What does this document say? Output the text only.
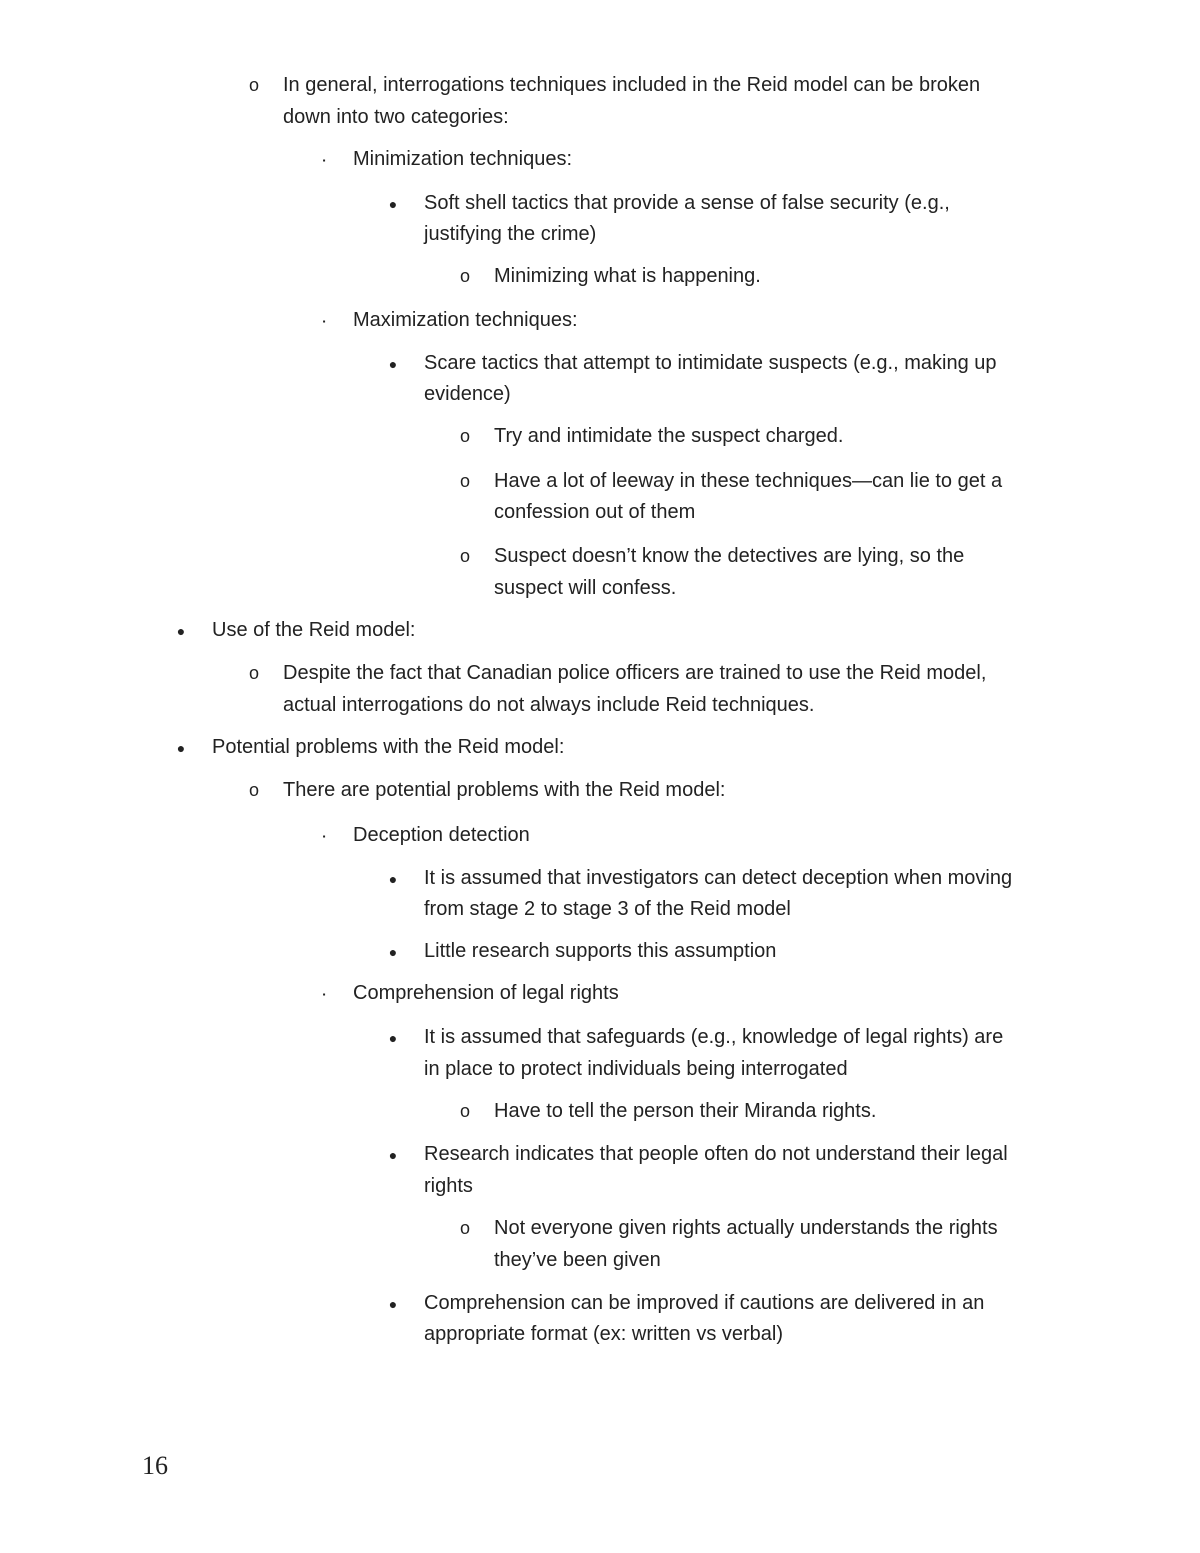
o In general, interrogations techniques included in the Reid model can be broken
down into two categories:
▪	Minimization techniques:
● Soft shell tactics that provide a sense of false security (e.g.,
justifying the crime)
o Minimizing what is happening.
▪	Maximization techniques:
● Scare tactics that attempt to intimidate suspects (e.g., making up
evidence)
o Try and intimidate the suspect charged.
o Have a lot of leeway in these techniques—can lie to get a
confession out of them
o Suspect doesn’t know the detectives are lying, so the
suspect will confess.
● Use of the Reid model:
o Despite the fact that Canadian police officers are trained to use the Reid model,
actual interrogations do not always include Reid techniques.
● Potential problems with the Reid model:
o There are potential problems with the Reid model:
▪	Deception detection
● It is assumed that investigators can detect deception when moving
from stage 2 to stage 3 of the Reid model
● Little research supports this assumption
▪	Comprehension of legal rights
● It is assumed that safeguards (e.g., knowledge of legal rights) are
in place to protect individuals being interrogated
o Have to tell the person their Miranda rights.
● Research indicates that people often do not understand their legal
rights
o Not everyone given rights actually understands the rights
they’ve been given
● Comprehension can be improved if cautions are delivered in an
appropriate format (ex: written vs verbal)
16
